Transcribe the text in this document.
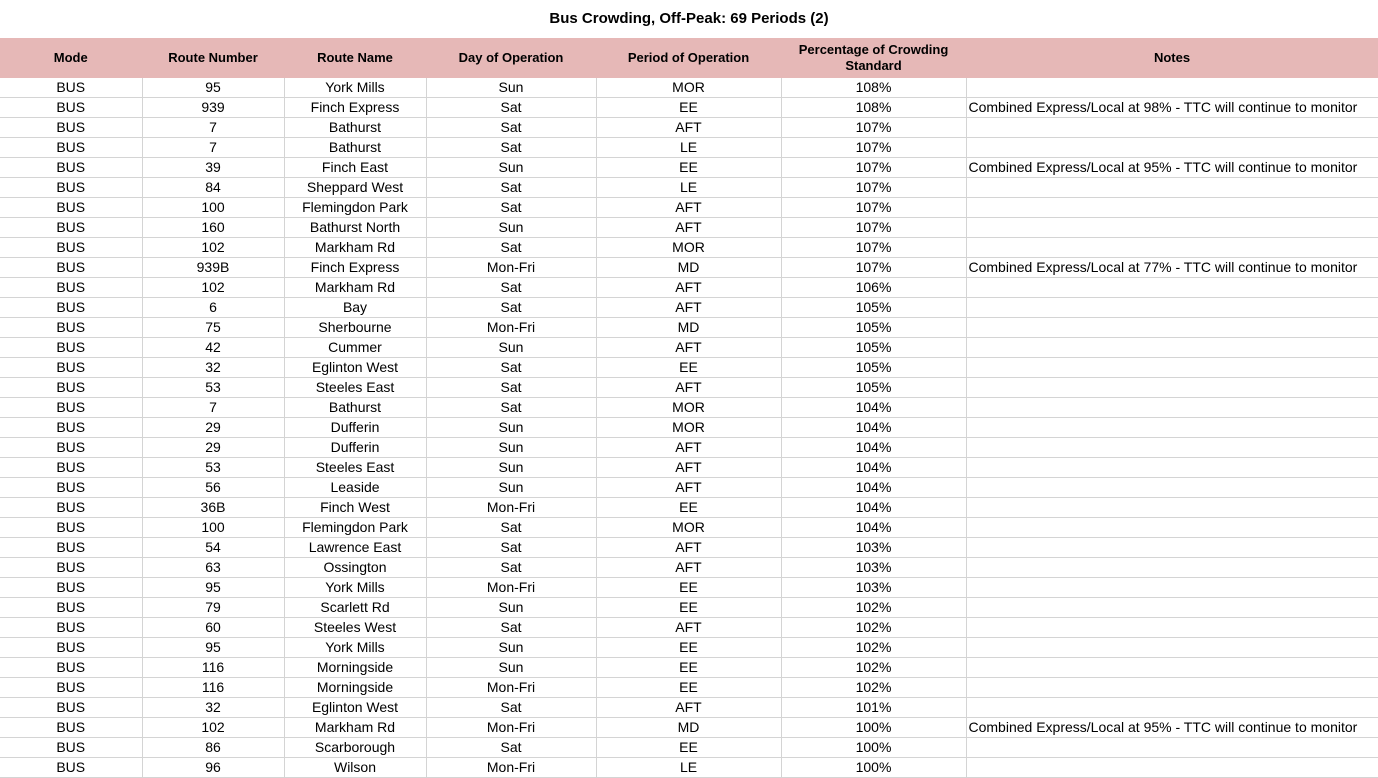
Bus Crowding, Off-Peak: 69 Periods (2)
Mode	Route Number	Route Name	Day of Operation	Period of Operation	Percentage of Crowding Standard	Notes
BUS	95	York Mills	Sun	MOR	108%	
BUS	939	Finch Express	Sat	EE	108%	Combined Express/Local at 98% - TTC will continue to monitor
BUS	7	Bathurst	Sat	AFT	107%	
BUS	7	Bathurst	Sat	LE	107%	
BUS	39	Finch East	Sun	EE	107%	Combined Express/Local at 95% - TTC will continue to monitor
BUS	84	Sheppard West	Sat	LE	107%	
BUS	100	Flemingdon Park	Sat	AFT	107%	
BUS	160	Bathurst North	Sun	AFT	107%	
BUS	102	Markham Rd	Sat	MOR	107%	
BUS	939B	Finch Express	Mon-Fri	MD	107%	Combined Express/Local at 77% - TTC will continue to monitor
BUS	102	Markham Rd	Sat	AFT	106%	
BUS	6	Bay	Sat	AFT	105%	
BUS	75	Sherbourne	Mon-Fri	MD	105%	
BUS	42	Cummer	Sun	AFT	105%	
BUS	32	Eglinton West	Sat	EE	105%	
BUS	53	Steeles East	Sat	AFT	105%	
BUS	7	Bathurst	Sat	MOR	104%	
BUS	29	Dufferin	Sun	MOR	104%	
BUS	29	Dufferin	Sun	AFT	104%	
BUS	53	Steeles East	Sun	AFT	104%	
BUS	56	Leaside	Sun	AFT	104%	
BUS	36B	Finch West	Mon-Fri	EE	104%	
BUS	100	Flemingdon Park	Sat	MOR	104%	
BUS	54	Lawrence East	Sat	AFT	103%	
BUS	63	Ossington	Sat	AFT	103%	
BUS	95	York Mills	Mon-Fri	EE	103%	
BUS	79	Scarlett Rd	Sun	EE	102%	
BUS	60	Steeles West	Sat	AFT	102%	
BUS	95	York Mills	Sun	EE	102%	
BUS	116	Morningside	Sun	EE	102%	
BUS	116	Morningside	Mon-Fri	EE	102%	
BUS	32	Eglinton West	Sat	AFT	101%	
BUS	102	Markham Rd	Mon-Fri	MD	100%	Combined Express/Local at 95% - TTC will continue to monitor
BUS	86	Scarborough	Sat	EE	100%	
BUS	96	Wilson	Mon-Fri	LE	100%	
